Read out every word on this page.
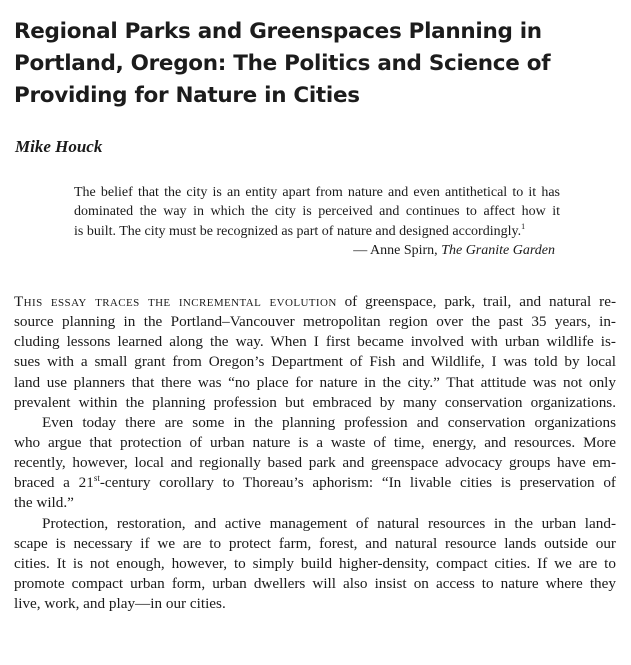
Regional Parks and Greenspaces Planning in
Portland, Oregon: The Politics and Science of
Providing for Nature in Cities

Mike Houck

The belief that the city is an entity apart from nature and even antithetical to it has
dominated the way in which the city is perceived and continues to affect how it
is built. The city must be recognized as part of nature and designed accordingly.$^1$
— Anne Spirn, The Granite Garden
This essay traces the incremental evolution of greenspace, park, trail, and natural re-
source planning in the Portland–Vancouver metropolitan region over the past 35 years, in-
cluding lessons learned along the way. When I first became involved with urban wildlife is-
sues with a small grant from Oregon’s Department of Fish and Wildlife, I was told by local
land use planners that there was “no place for nature in the city.” That attitude was not only
prevalent within the planning profession but embraced by many conservation organizations.
Even today there are some in the planning profession and conservation organizations
who argue that protection of urban nature is a waste of time, energy, and resources. More
recently, however, local and regionally based park and greenspace advocacy groups have em-
braced a 21st-century corollary to Thoreau’s aphorism: “In livable cities is preservation of
the wild.”
Protection, restoration, and active management of natural resources in the urban land-
scape is necessary if we are to protect farm, forest, and natural resource lands outside our
cities. It is not enough, however, to simply build higher-density, compact cities. If we are to
promote compact urban form, urban dwellers will also insist on access to nature where they
live, work, and play—in our cities.
